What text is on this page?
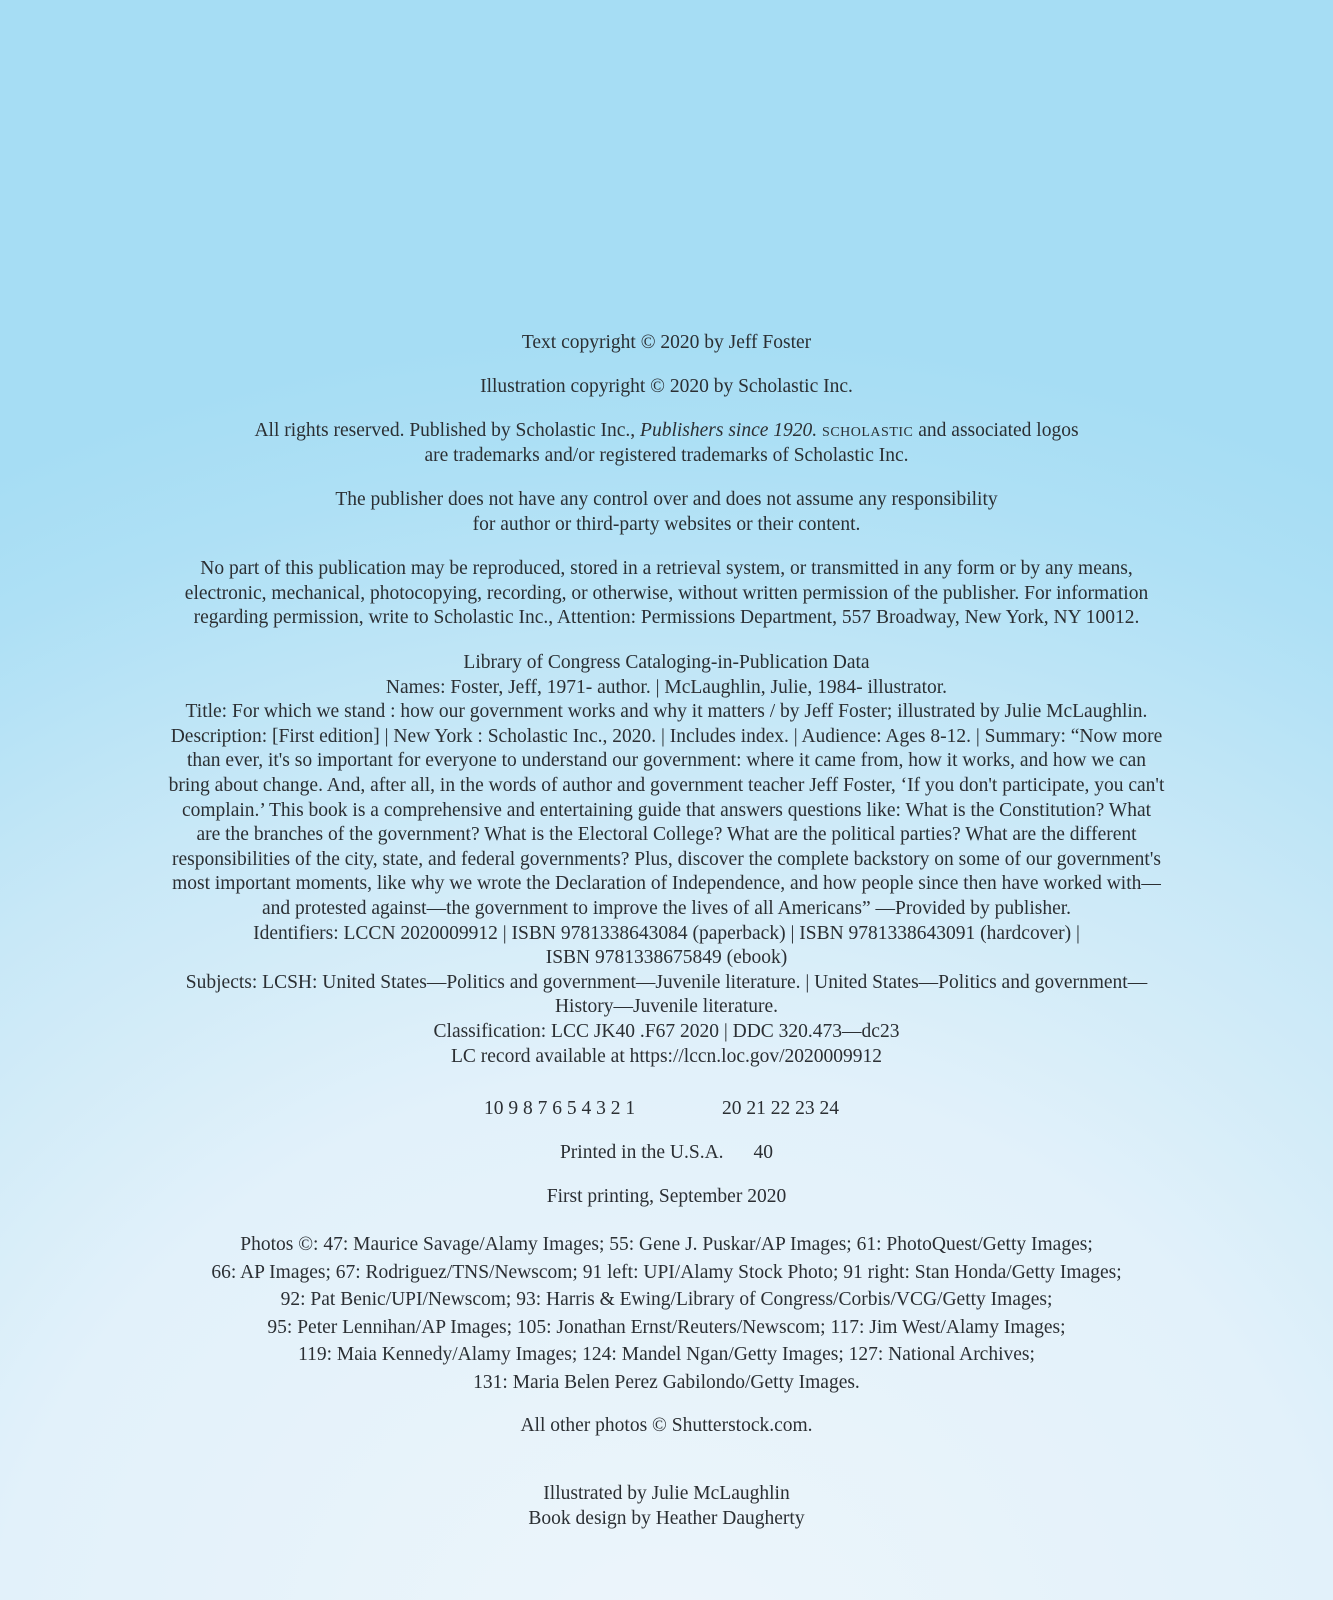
Text copyright © 2020 by Jeff Foster
Illustration copyright © 2020 by Scholastic Inc.
All rights reserved. Published by Scholastic Inc., Publishers since 1920. scholastic and associated logos
are trademarks and/or registered trademarks of Scholastic Inc.
The publisher does not have any control over and does not assume any responsibility
for author or third-party websites or their content.
No part of this publication may be reproduced, stored in a retrieval system, or transmitted in any form or by any means,
electronic, mechanical, photocopying, recording, or otherwise, without written permission of the publisher. For information
regarding permission, write to Scholastic Inc., Attention: Permissions Department, 557 Broadway, New York, NY 10012.
Library of Congress Cataloging-in-Publication Data
Names: Foster, Jeff, 1971- author. | McLaughlin, Julie, 1984- illustrator.
Title: For which we stand : how our government works and why it matters / by Jeff Foster; illustrated by Julie McLaughlin.
Description: [First edition] | New York : Scholastic Inc., 2020. | Includes index. | Audience: Ages 8-12. | Summary: “Now more
than ever, it's so important for everyone to understand our government: where it came from, how it works, and how we can
bring about change. And, after all, in the words of author and government teacher Jeff Foster, ‘If you don't participate, you can't
complain.’ This book is a comprehensive and entertaining guide that answers questions like: What is the Constitution? What
are the branches of the government? What is the Electoral College? What are the political parties? What are the different
responsibilities of the city, state, and federal governments? Plus, discover the complete backstory on some of our government's
most important moments, like why we wrote the Declaration of Independence, and how people since then have worked with—
and protested against—the government to improve the lives of all Americans” —Provided by publisher.
Identifiers: LCCN 2020009912 | ISBN 9781338643084 (paperback) | ISBN 9781338643091 (hardcover) |
ISBN 9781338675849 (ebook)
Subjects: LCSH: United States—Politics and government—Juvenile literature. | United States—Politics and government—
History—Juvenile literature.
Classification: LCC JK40 .F67 2020 | DDC 320.473—dc23
LC record available at https://lccn.loc.gov/2020009912
10 9 8 7 6 5 4 3 2 1	20 21 22 23 24
Printed in the U.S.A. 40
First printing, September 2020
Photos ©: 47: Maurice Savage/Alamy Images; 55: Gene J. Puskar/AP Images; 61: PhotoQuest/Getty Images;
66: AP Images; 67: Rodriguez/TNS/Newscom; 91 left: UPI/Alamy Stock Photo; 91 right: Stan Honda/Getty Images;
92: Pat Benic/UPI/Newscom; 93: Harris & Ewing/Library of Congress/Corbis/VCG/Getty Images;
95: Peter Lennihan/AP Images; 105: Jonathan Ernst/Reuters/Newscom; 117: Jim West/Alamy Images;
119: Maia Kennedy/Alamy Images; 124: Mandel Ngan/Getty Images; 127: National Archives;
131: Maria Belen Perez Gabilondo/Getty Images.
All other photos © Shutterstock.com.
Illustrated by Julie McLaughlin
Book design by Heather Daugherty
